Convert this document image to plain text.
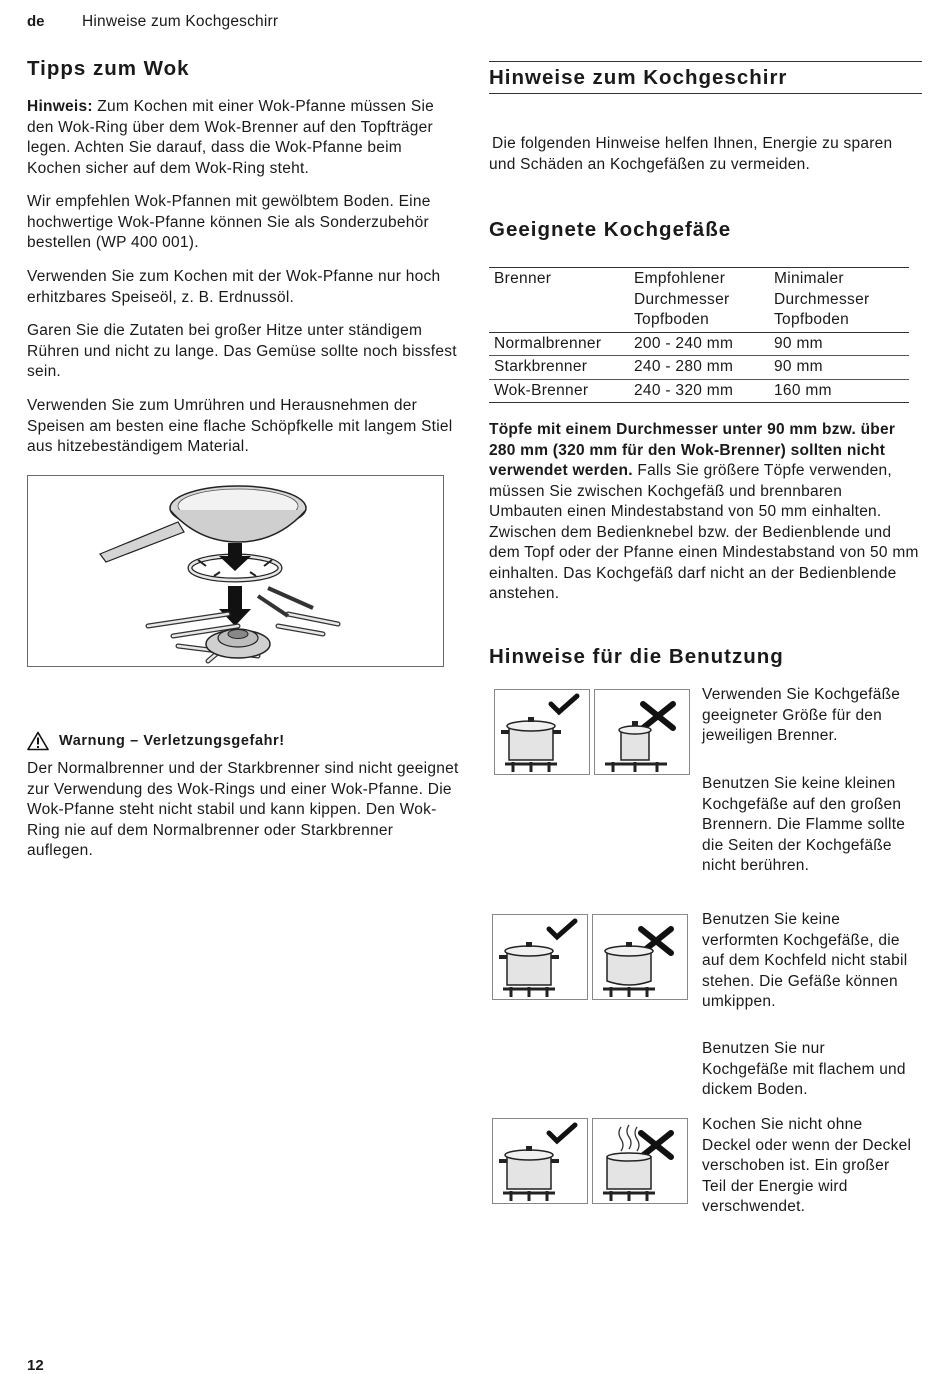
de Hinweise zum Kochgeschirr
Tipps zum Wok

Hinweis: Zum Kochen mit einer Wok-Pfanne müssen Sie den Wok-Ring über dem Wok-Brenner auf den Topfträger legen. Achten Sie darauf, dass die Wok-Pfanne beim Kochen sicher auf dem Wok-Ring steht.

Wir empfehlen Wok-Pfannen mit gewölbtem Boden. Eine hochwertige Wok-Pfanne können Sie als Sonderzubehör bestellen (WP 400 001).

Verwenden Sie zum Kochen mit der Wok-Pfanne nur hoch erhitzbares Speiseöl, z. B. Erdnussöl.

Garen Sie die Zutaten bei großer Hitze unter ständigem Rühren und nicht zu lange. Das Gemüse sollte noch bissfest sein.

Verwenden Sie zum Umrühren und Herausnehmen der Speisen am besten eine flache Schöpfkelle mit langem Stiel aus hitzebeständigem Material.

Warnung – Verletzungsgefahr!

Der Normalbrenner und der Starkbrenner sind nicht geeignet zur Verwendung des Wok-Rings und einer Wok-Pfanne. Die Wok-Pfanne steht nicht stabil und kann kippen. Den Wok-Ring nie auf dem Normalbrenner oder Starkbrenner auflegen.

Hinweise zum Kochgeschirr

Die folgenden Hinweise helfen Ihnen, Energie zu sparen und Schäden an Kochgefäßen zu vermeiden.

Geeignete Kochgefäße
Brenner	Empfohlener Durchmesser Topfboden	Minimaler Durchmesser Topfboden
Normalbrenner	200 - 240 mm	90 mm
Starkbrenner	240 - 280 mm	90 mm
Wok-Brenner	240 - 320 mm	160 mm

Töpfe mit einem Durchmesser unter 90 mm bzw. über 280 mm (320 mm für den Wok-Brenner) sollten nicht verwendet werden. Falls Sie größere Töpfe verwenden, müssen Sie zwischen Kochgefäß und brennbaren Umbauten einen Mindestabstand von 50 mm einhalten. Zwischen dem Bedienknebel bzw. der Bedienblende und dem Topf oder der Pfanne einen Mindestabstand von 50 mm einhalten. Das Kochgefäß darf nicht an der Bedienblende anstehen.

Hinweise für die Benutzung

Verwenden Sie Kochgefäße geeigneter Größe für den jeweiligen Brenner.

Benutzen Sie keine kleinen Kochgefäße auf den großen Brennern. Die Flamme sollte die Seiten der Kochgefäße nicht berühren.

Benutzen Sie keine verformten Kochgefäße, die auf dem Kochfeld nicht stabil stehen. Die Gefäße können umkippen.

Benutzen Sie nur Kochgefäße mit flachem und dickem Boden.

Kochen Sie nicht ohne Deckel oder wenn der Deckel verschoben ist. Ein großer Teil der Energie wird verschwendet.

12
